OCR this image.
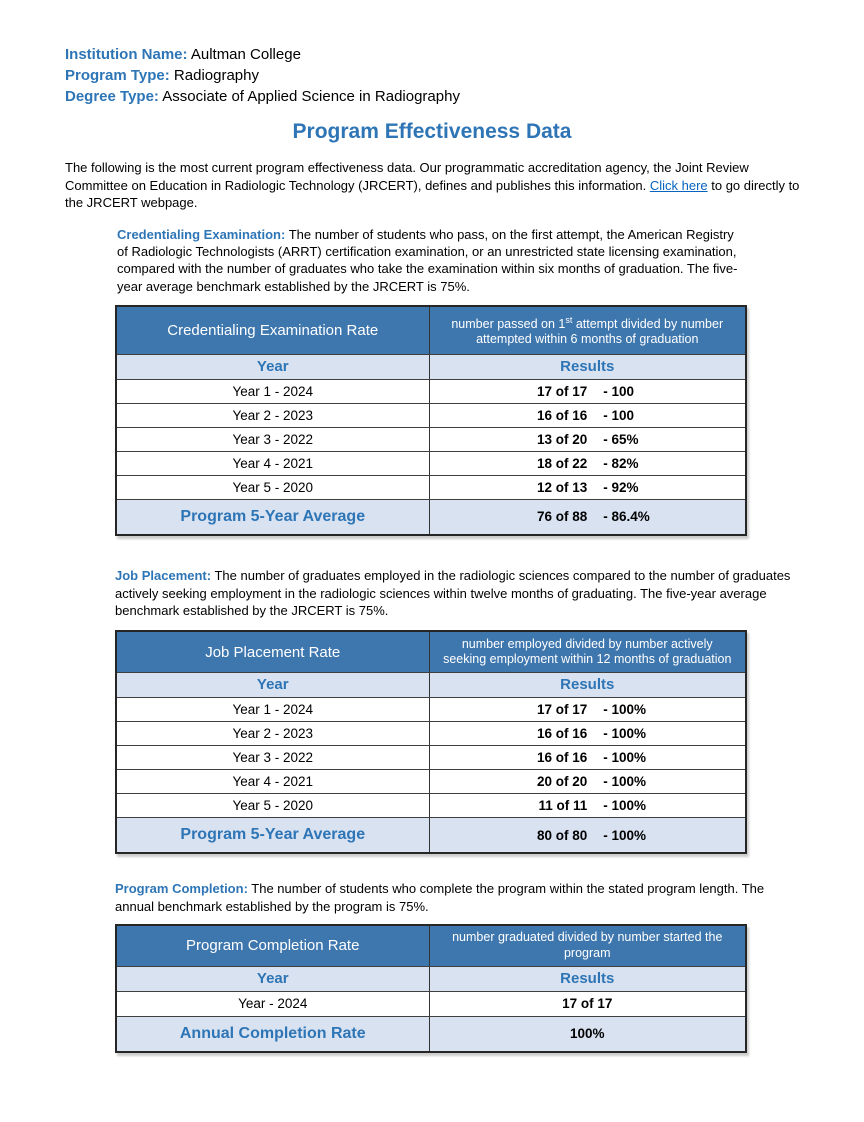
Institution Name: Aultman College
Program Type: Radiography
Degree Type: Associate of Applied Science in Radiography
Program Effectiveness Data

The following is the most current program effectiveness data. Our programmatic accreditation agency, the Joint Review Committee on Education in Radiologic Technology (JRCERT), defines and publishes this information. Click here to go directly to the JRCERT webpage.

Credentialing Examination: The number of students who pass, on the first attempt, the American Registry of Radiologic Technologists (ARRT) certification examination, or an unrestricted state licensing examination, compared with the number of graduates who take the examination within six months of graduation. The five-year average benchmark established by the JRCERT is 75%.

Credentialing Examination Rate	number passed on 1st attempt divided by number
attempted within 6 months of graduation

Year	Results
Year 1 - 2024	17 of 17 - 100

Year 2 - 2023	16 of 16 - 100

Year 3 - 2022	13 of 20 - 65%

Year 4 - 2021	18 of 22 - 82%

Year 5 - 2020	12 of 13 - 92%

Program 5-Year Average	76 of 88 - 86.4%

Job Placement: The number of graduates employed in the radiologic sciences compared to the number of graduates actively seeking employment in the radiologic sciences within twelve months of graduating. The five-year average benchmark established by the JRCERT is 75%.

Job Placement Rate	number employed divided by number actively
seeking employment within 12 months of graduation

Year	Results
Year 1 - 2024	17 of 17 - 100%

Year 2 - 2023	16 of 16 - 100%

Year 3 - 2022	16 of 16 - 100%

Year 4 - 2021	20 of 20 - 100%

Year 5 - 2020	11 of 11 - 100%

Program 5-Year Average	80 of 80 - 100%

Program Completion: The number of students who complete the program within the stated program length. The annual benchmark established by the program is 75%.

Program Completion Rate	number graduated divided by number started the
program

Year	Results
Year - 2024	17 of 17
Annual Completion Rate	100%
